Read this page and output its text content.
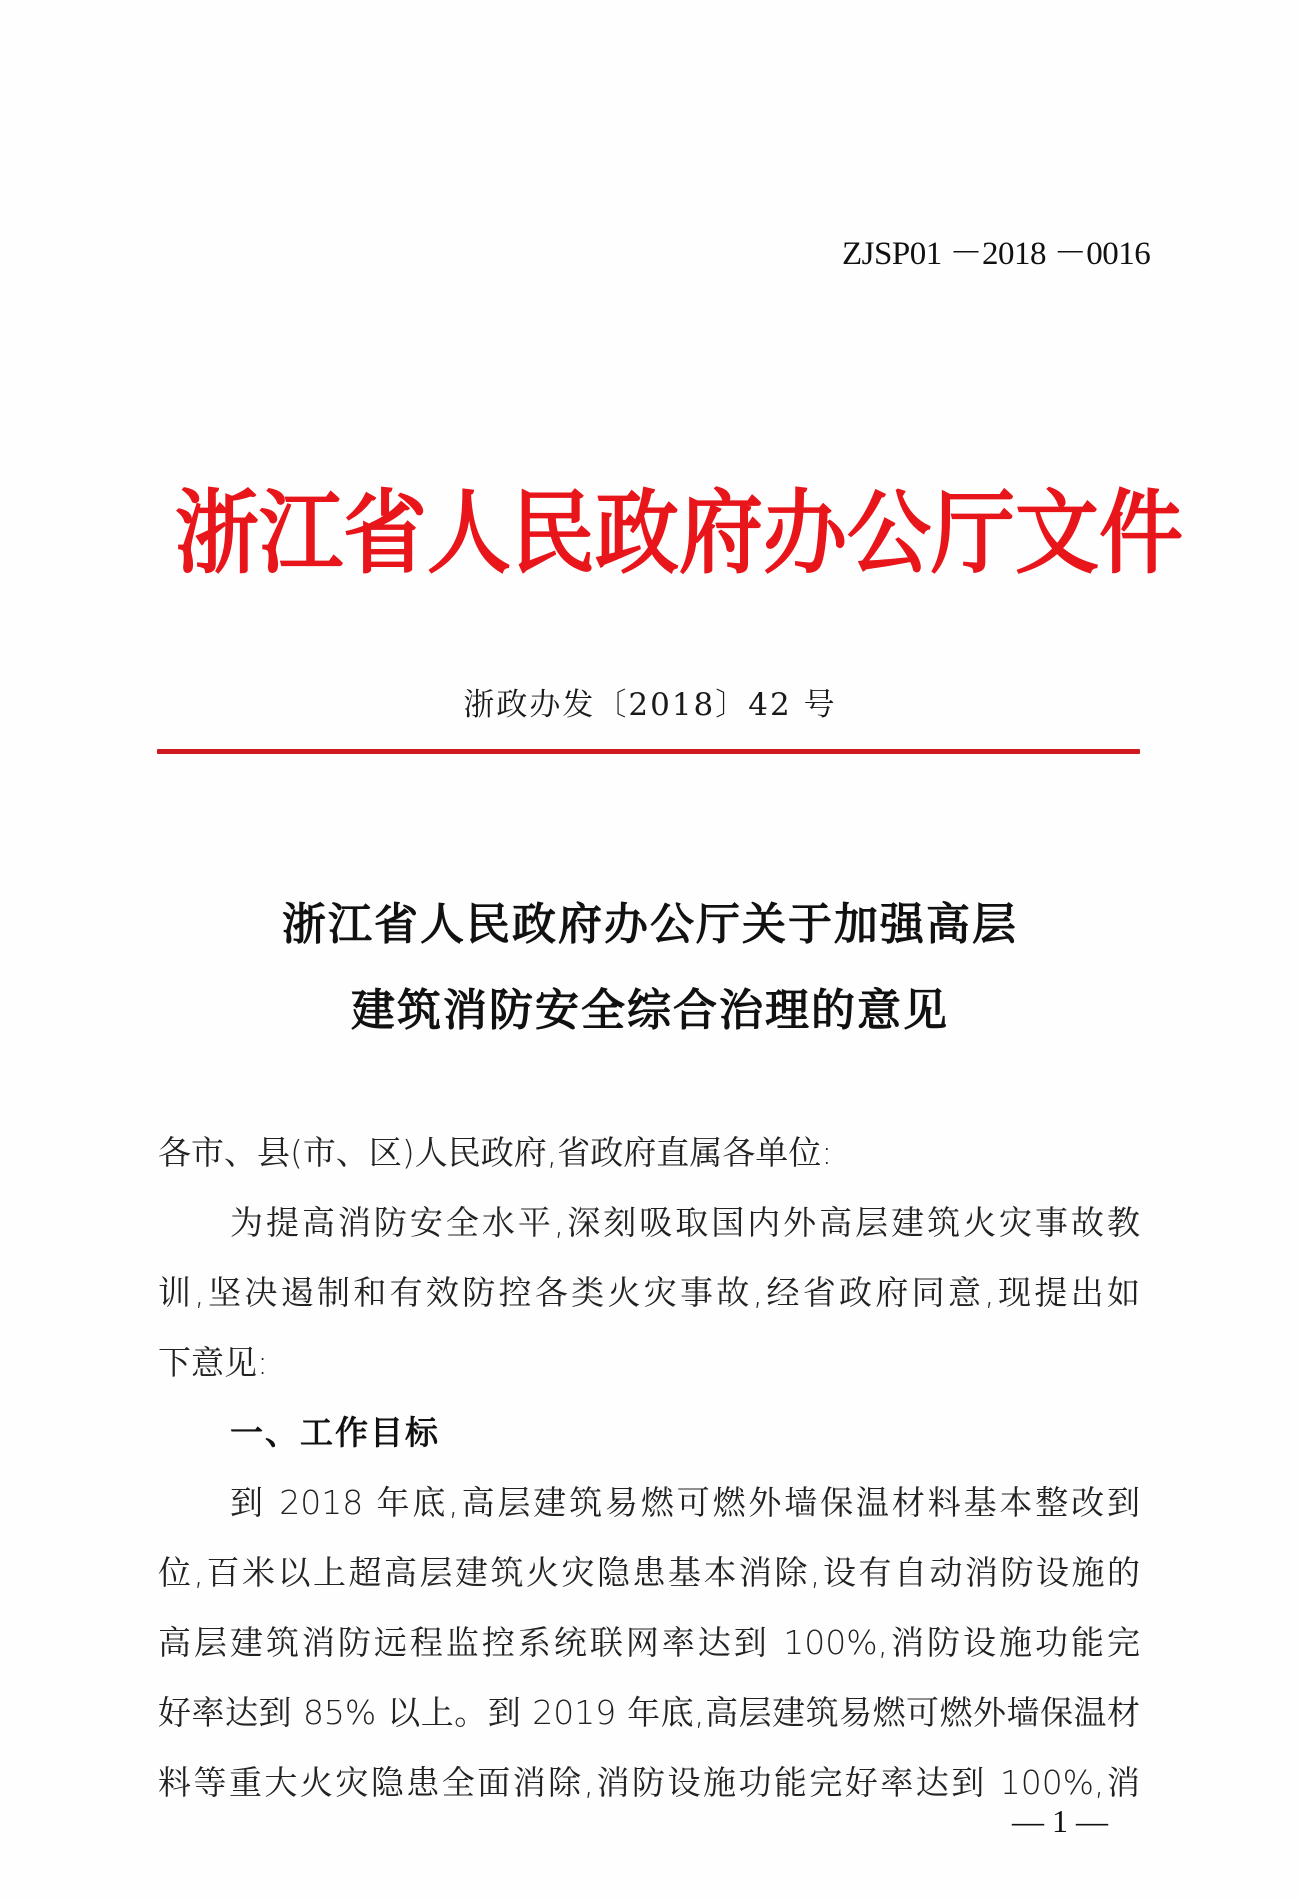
ZJSP01 －2018 －0016
浙江省人民政府办公厅文件
浙政办发〔2018〕42 号
浙江省人民政府办公厅关于加强高层
建筑消防安全综合治理的意见
各市、县(市、区)人民政府,省政府直属各单位:
为提高消防安全水平,深刻吸取国内外高层建筑火灾事故教
训,坚决遏制和有效防控各类火灾事故,经省政府同意,现提出如
下意见:
一、工作目标
到 2018 年底,高层建筑易燃可燃外墙保温材料基本整改到
位,百米以上超高层建筑火灾隐患基本消除,设有自动消防设施的
高层建筑消防远程监控系统联网率达到 100%,消防设施功能完
好率达到 85% 以上。到 2019 年底,高层建筑易燃可燃外墙保温材
料等重大火灾隐患全面消除,消防设施功能完好率达到 100%,消
— 1 —
